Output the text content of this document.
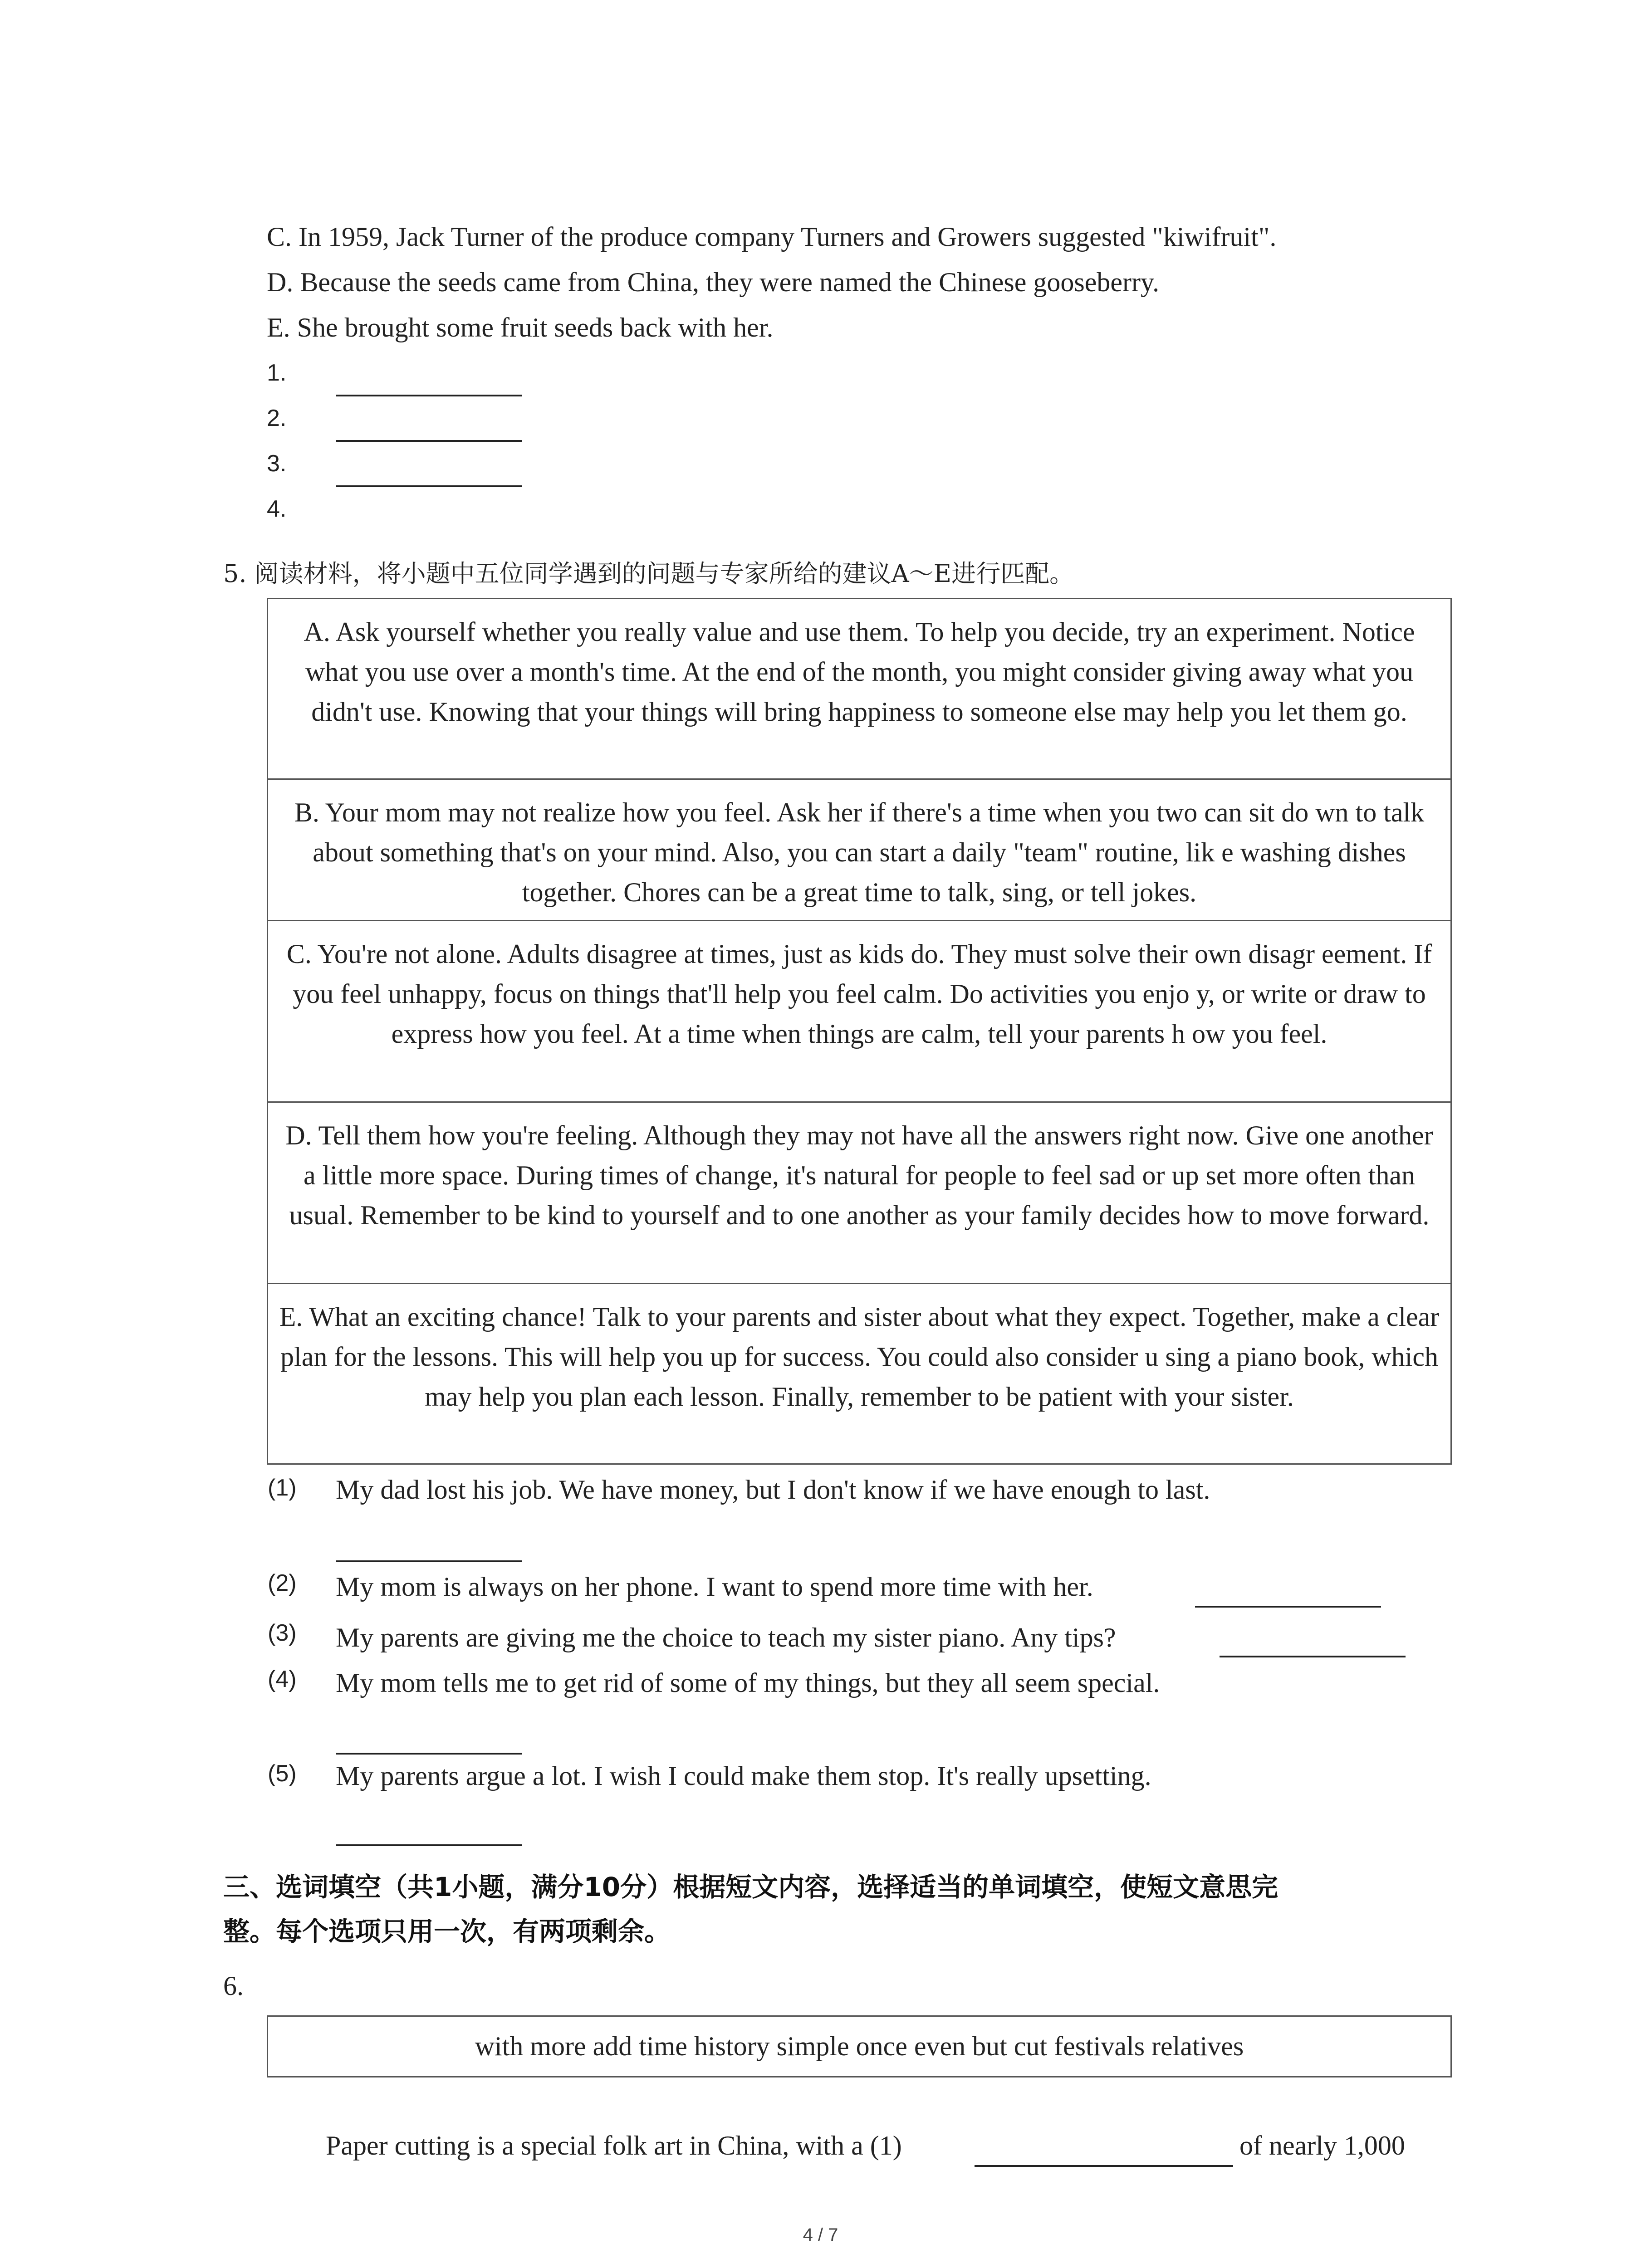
C. In 1959, Jack Turner of the produce company Turners and Growers suggested "kiwifruit".
D. Because the seeds came from China, they were named the Chinese gooseberry.
E. She brought some fruit seeds back with her.
1.
2.
3.
4.
5. 阅读材料，将小题中五位同学遇到的问题与专家所给的建议A～E进行匹配。
A. Ask yourself whether you really value and use them. To help you decide, try an experiment. Notice what you use over a month's time. At the end of the month, you might consider giving away what you didn't use. Knowing that your things will bring happiness to someone else may help you let them go.
B. Your mom may not realize how you feel. Ask her if there's a time when you two can sit do wn to talk about something that's on your mind. Also, you can start a daily "team" routine, lik e washing dishes together. Chores can be a great time to talk, sing, or tell jokes.
C. You're not alone. Adults disagree at times, just as kids do. They must solve their own disagr eement. If you feel unhappy, focus on things that'll help you feel calm. Do activities you enjo y, or write or draw to express how you feel. At a time when things are calm, tell your parents h ow you feel.
D. Tell them how you're feeling. Although they may not have all the answers right now. Give one another a little more space. During times of change, it's natural for people to feel sad or up set more often than usual. Remember to be kind to yourself and to one another as your family decides how to move forward.
E. What an exciting chance! Talk to your parents and sister about what they expect. Together, make a clear plan for the lessons. This will help you up for success. You could also consider u sing a piano book, which may help you plan each lesson. Finally, remember to be patient with your sister.
(1) My dad lost his job. We have money, but I don't know if we have enough to last.
(2) My mom is always on her phone. I want to spend more time with her.
(3) My parents are giving me the choice to teach my sister piano. Any tips?
(4) My mom tells me to get rid of some of my things, but they all seem special.
(5) My parents argue a lot. I wish I could make them stop. It's really upsetting.
三、选词填空（共1小题，满分10分）根据短文内容，选择适当的单词填空，使短文意思完
整。每个选项只用一次，有两项剩余。
6.
with more add time history simple once even but cut festivals relatives
Paper cutting is a special folk art in China, with a (1)	of nearly 1,000
4 / 7
